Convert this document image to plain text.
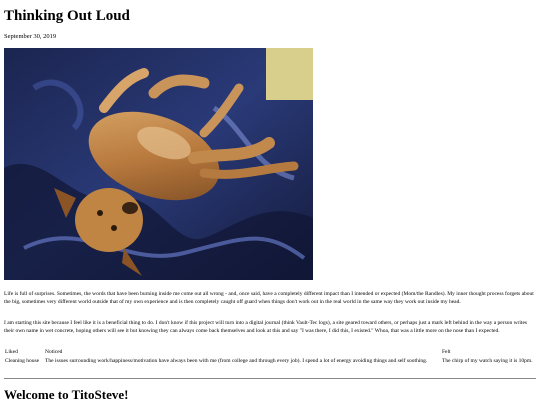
Thinking Out Loud
September 30, 2019

Life is full of surprises. Sometimes, the words that have been burning inside me come out all wrong - and, once said, have a completely different impact than I intended or expected (Mom/the Randles). My inner thought process forgets about the big, sometimes very different world outside that of my own experience and is then completely caught off guard when things don't work out in the real world in the same way they work out inside my head.

I am starting this site because I feel like it is a beneficial thing to do. I don't know if this project will turn into a digital journal (think Vault-Tec logs), a site geared toward others, or perhaps just a mark left behind in the way a person writes their own name in wet concrete, hoping others will see it but knowing they can always come back themselves and look at this and say "I was there, I did this, I existed." Whoa, that was a little more on the nose than I expected.

Liked	Noticed	Felt
Cleaning house	The issues surrounding work/happiness/motivation have always been with me (from college and through every job). I spend a lot of energy avoiding things and self soothing.	The chirp of my watch saying it is 10pm.
Welcome to TitoSteve!
